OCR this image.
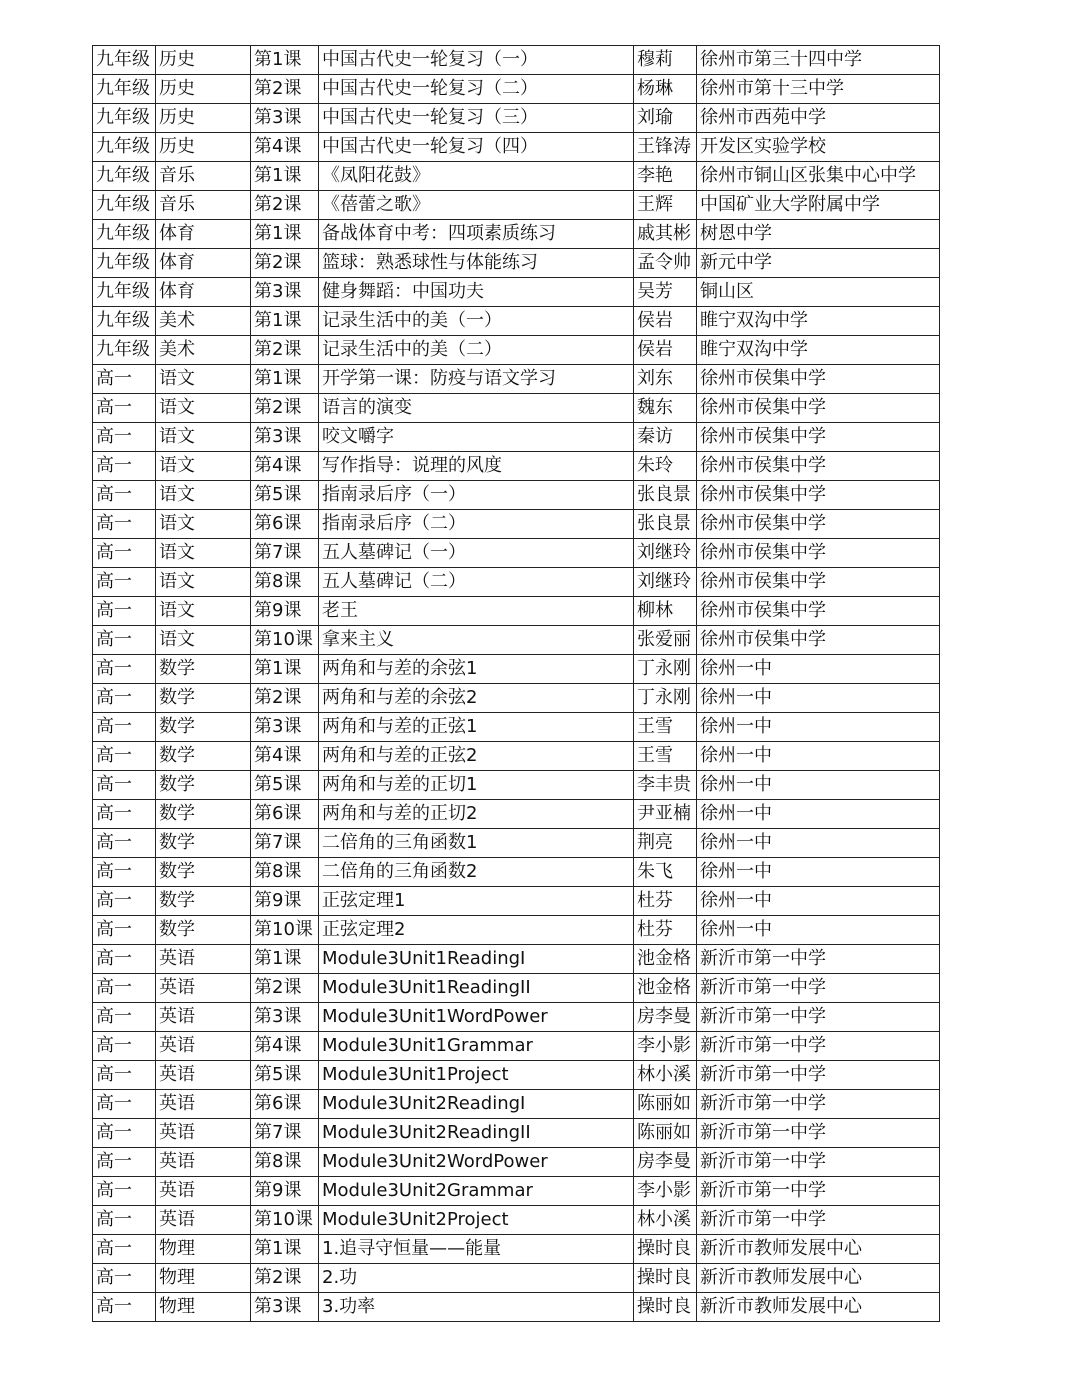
九年级	历史	第1课	中国古代史一轮复习（一）	穆莉	徐州市第三十四中学
九年级	历史	第2课	中国古代史一轮复习（二）	杨琳	徐州市第十三中学
九年级	历史	第3课	中国古代史一轮复习（三）	刘瑜	徐州市西苑中学
九年级	历史	第4课	中国古代史一轮复习（四）	王锋涛	开发区实验学校
九年级	音乐	第1课	《凤阳花鼓》	李艳	徐州市铜山区张集中心中学
九年级	音乐	第2课	《蓓蕾之歌》	王辉	中国矿业大学附属中学
九年级	体育	第1课	备战体育中考：四项素质练习	戚其彬	树恩中学
九年级	体育	第2课	篮球：熟悉球性与体能练习	孟令帅	新元中学
九年级	体育	第3课	健身舞蹈：中国功夫	吴芳	铜山区
九年级	美术	第1课	记录生活中的美（一）	侯岩	睢宁双沟中学
九年级	美术	第2课	记录生活中的美（二）	侯岩	睢宁双沟中学
高一	语文	第1课	开学第一课：防疫与语文学习	刘东	徐州市侯集中学
高一	语文	第2课	语言的演变	魏东	徐州市侯集中学
高一	语文	第3课	咬文嚼字	秦访	徐州市侯集中学
高一	语文	第4课	写作指导：说理的风度	朱玲	徐州市侯集中学
高一	语文	第5课	指南录后序（一）	张良景	徐州市侯集中学
高一	语文	第6课	指南录后序（二）	张良景	徐州市侯集中学
高一	语文	第7课	五人墓碑记（一）	刘继玲	徐州市侯集中学
高一	语文	第8课	五人墓碑记（二）	刘继玲	徐州市侯集中学
高一	语文	第9课	老王	柳林	徐州市侯集中学
高一	语文	第10课	拿来主义	张爱丽	徐州市侯集中学
高一	数学	第1课	两角和与差的余弦1	丁永刚	徐州一中
高一	数学	第2课	两角和与差的余弦2	丁永刚	徐州一中
高一	数学	第3课	两角和与差的正弦1	王雪	徐州一中
高一	数学	第4课	两角和与差的正弦2	王雪	徐州一中
高一	数学	第5课	两角和与差的正切1	李丰贵	徐州一中
高一	数学	第6课	两角和与差的正切2	尹亚楠	徐州一中
高一	数学	第7课	二倍角的三角函数1	荆亮	徐州一中
高一	数学	第8课	二倍角的三角函数2	朱飞	徐州一中
高一	数学	第9课	正弦定理1	杜芬	徐州一中
高一	数学	第10课	正弦定理2	杜芬	徐州一中
高一	英语	第1课	Module3Unit1ReadingI	池金格	新沂市第一中学
高一	英语	第2课	Module3Unit1ReadingII	池金格	新沂市第一中学
高一	英语	第3课	Module3Unit1WordPower	房李曼	新沂市第一中学
高一	英语	第4课	Module3Unit1Grammar	李小影	新沂市第一中学
高一	英语	第5课	Module3Unit1Project	林小溪	新沂市第一中学
高一	英语	第6课	Module3Unit2ReadingI	陈丽如	新沂市第一中学
高一	英语	第7课	Module3Unit2ReadingII	陈丽如	新沂市第一中学
高一	英语	第8课	Module3Unit2WordPower	房李曼	新沂市第一中学
高一	英语	第9课	Module3Unit2Grammar	李小影	新沂市第一中学
高一	英语	第10课	Module3Unit2Project	林小溪	新沂市第一中学
高一	物理	第1课	1.追寻守恒量——能量	操时良	新沂市教师发展中心
高一	物理	第2课	2.功	操时良	新沂市教师发展中心
高一	物理	第3课	3.功率	操时良	新沂市教师发展中心
